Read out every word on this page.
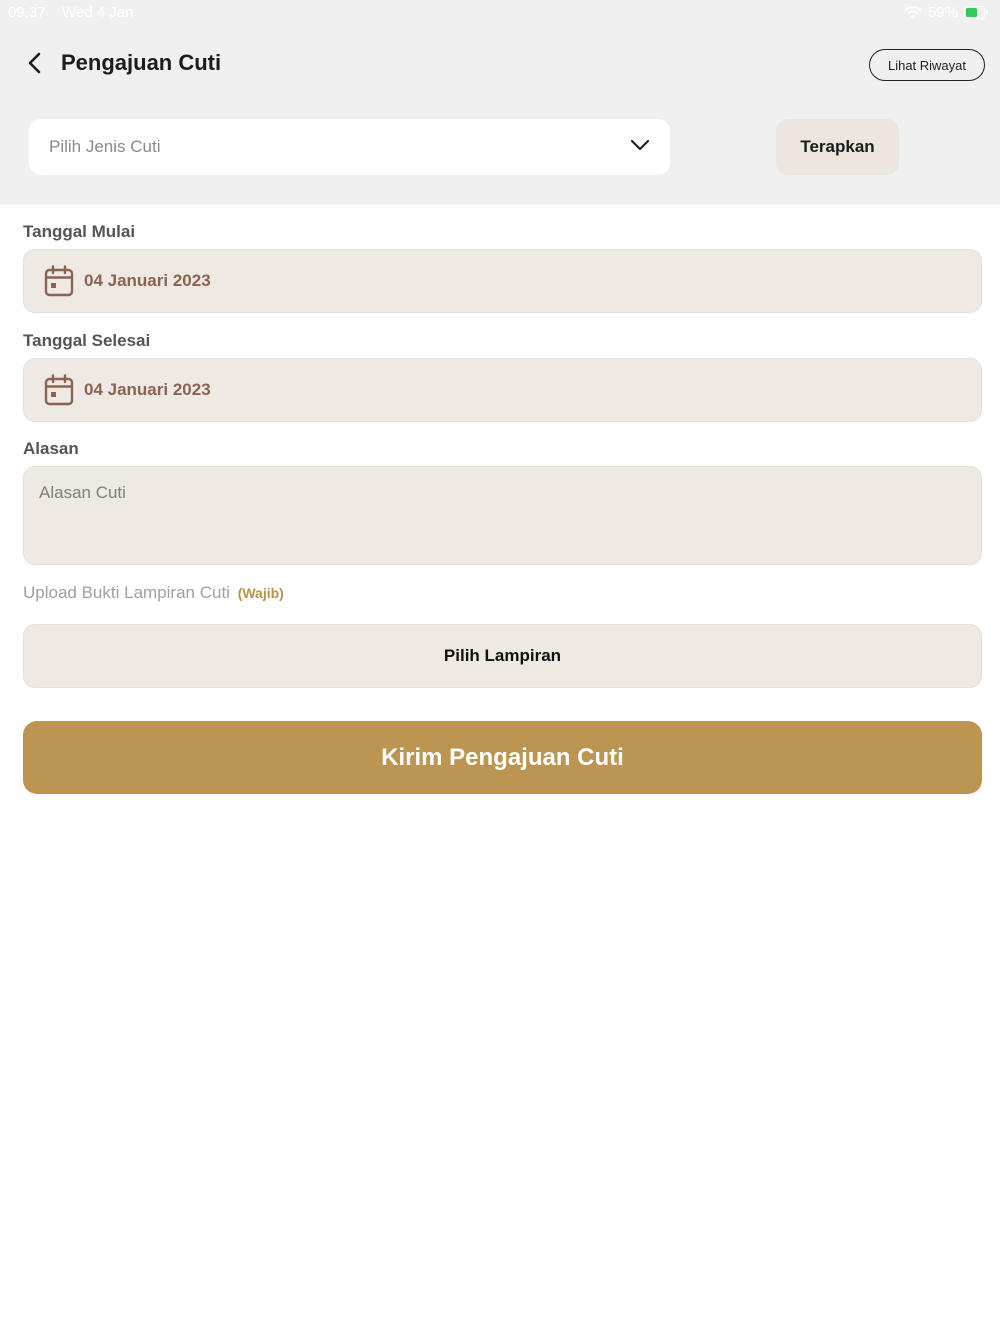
09.37 Wed 4 Jan	59%
Pengajuan Cuti	Lihat Riwayat
Pilih Jenis Cuti	Terapkan
Tanggal Mulai
04 Januari 2023
Tanggal Selesai
04 Januari 2023
Alasan
Alasan Cuti
Upload Bukti Lampiran Cuti (Wajib)
Pilih Lampiran
Kirim Pengajuan Cuti
